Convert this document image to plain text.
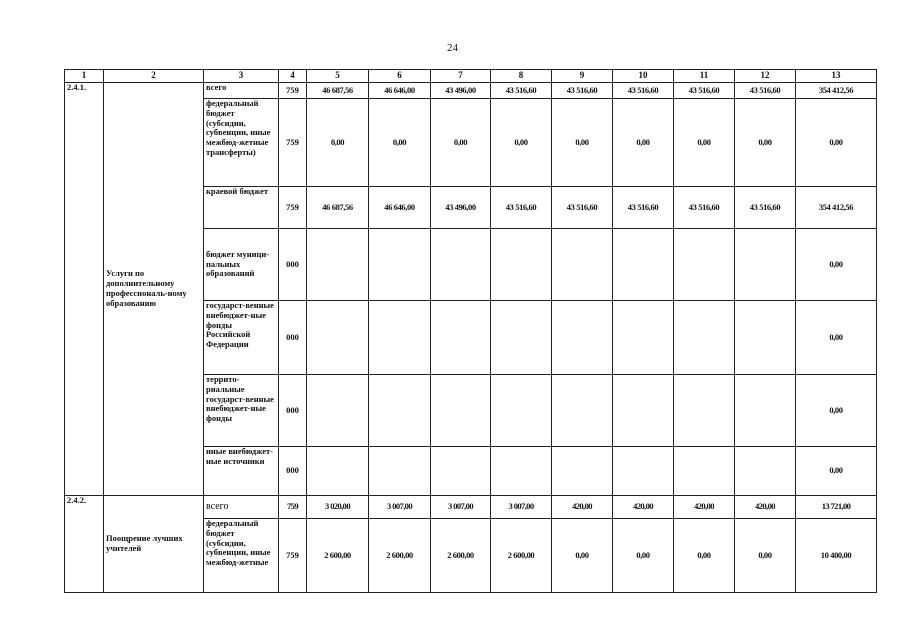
24
1	2	3	4	5	6	7	8	9	10	11	12	13
2.4.1.	Услуги по дополнительному профессиональ-ному образованию	всего	759	46 687,56	46 646,00	43 496,00	43 516,60	43 516,60	43 516,60	43 516,60	43 516,60	354 412,56
		федеральный бюджет (субсидии, субвенции, иные межбюд-жетные трансферты)	759	0,00	0,00	0,00	0,00	0,00	0,00	0,00	0,00	0,00
		краевой бюджет	759	46 687,56	46 646,00	43 496,00	43 516,60	43 516,60	43 516,60	43 516,60	43 516,60	354 412,56
		бюджет муници-пальных образований	000									0,00
		государст-венные внебюджет-ные фонды Российской Федерации	000									0,00
		террито-риальные государст-венные внебюджет-ные фонды	000									0,00
		иные внебюджет-ные источники	000									0,00
2.4.2.	Поощрение лучших учителей	всего	759	3 020,00	3 007,00	3 007,00	3 007,00	420,00	420,00	420,00	420,00	13 721,00
		федеральный бюджет (субсидии, субвенции, иные межбюд-жетные	759	2 600,00	2 600,00	2 600,00	2 600,00	0,00	0,00	0,00	0,00	10 400,00
